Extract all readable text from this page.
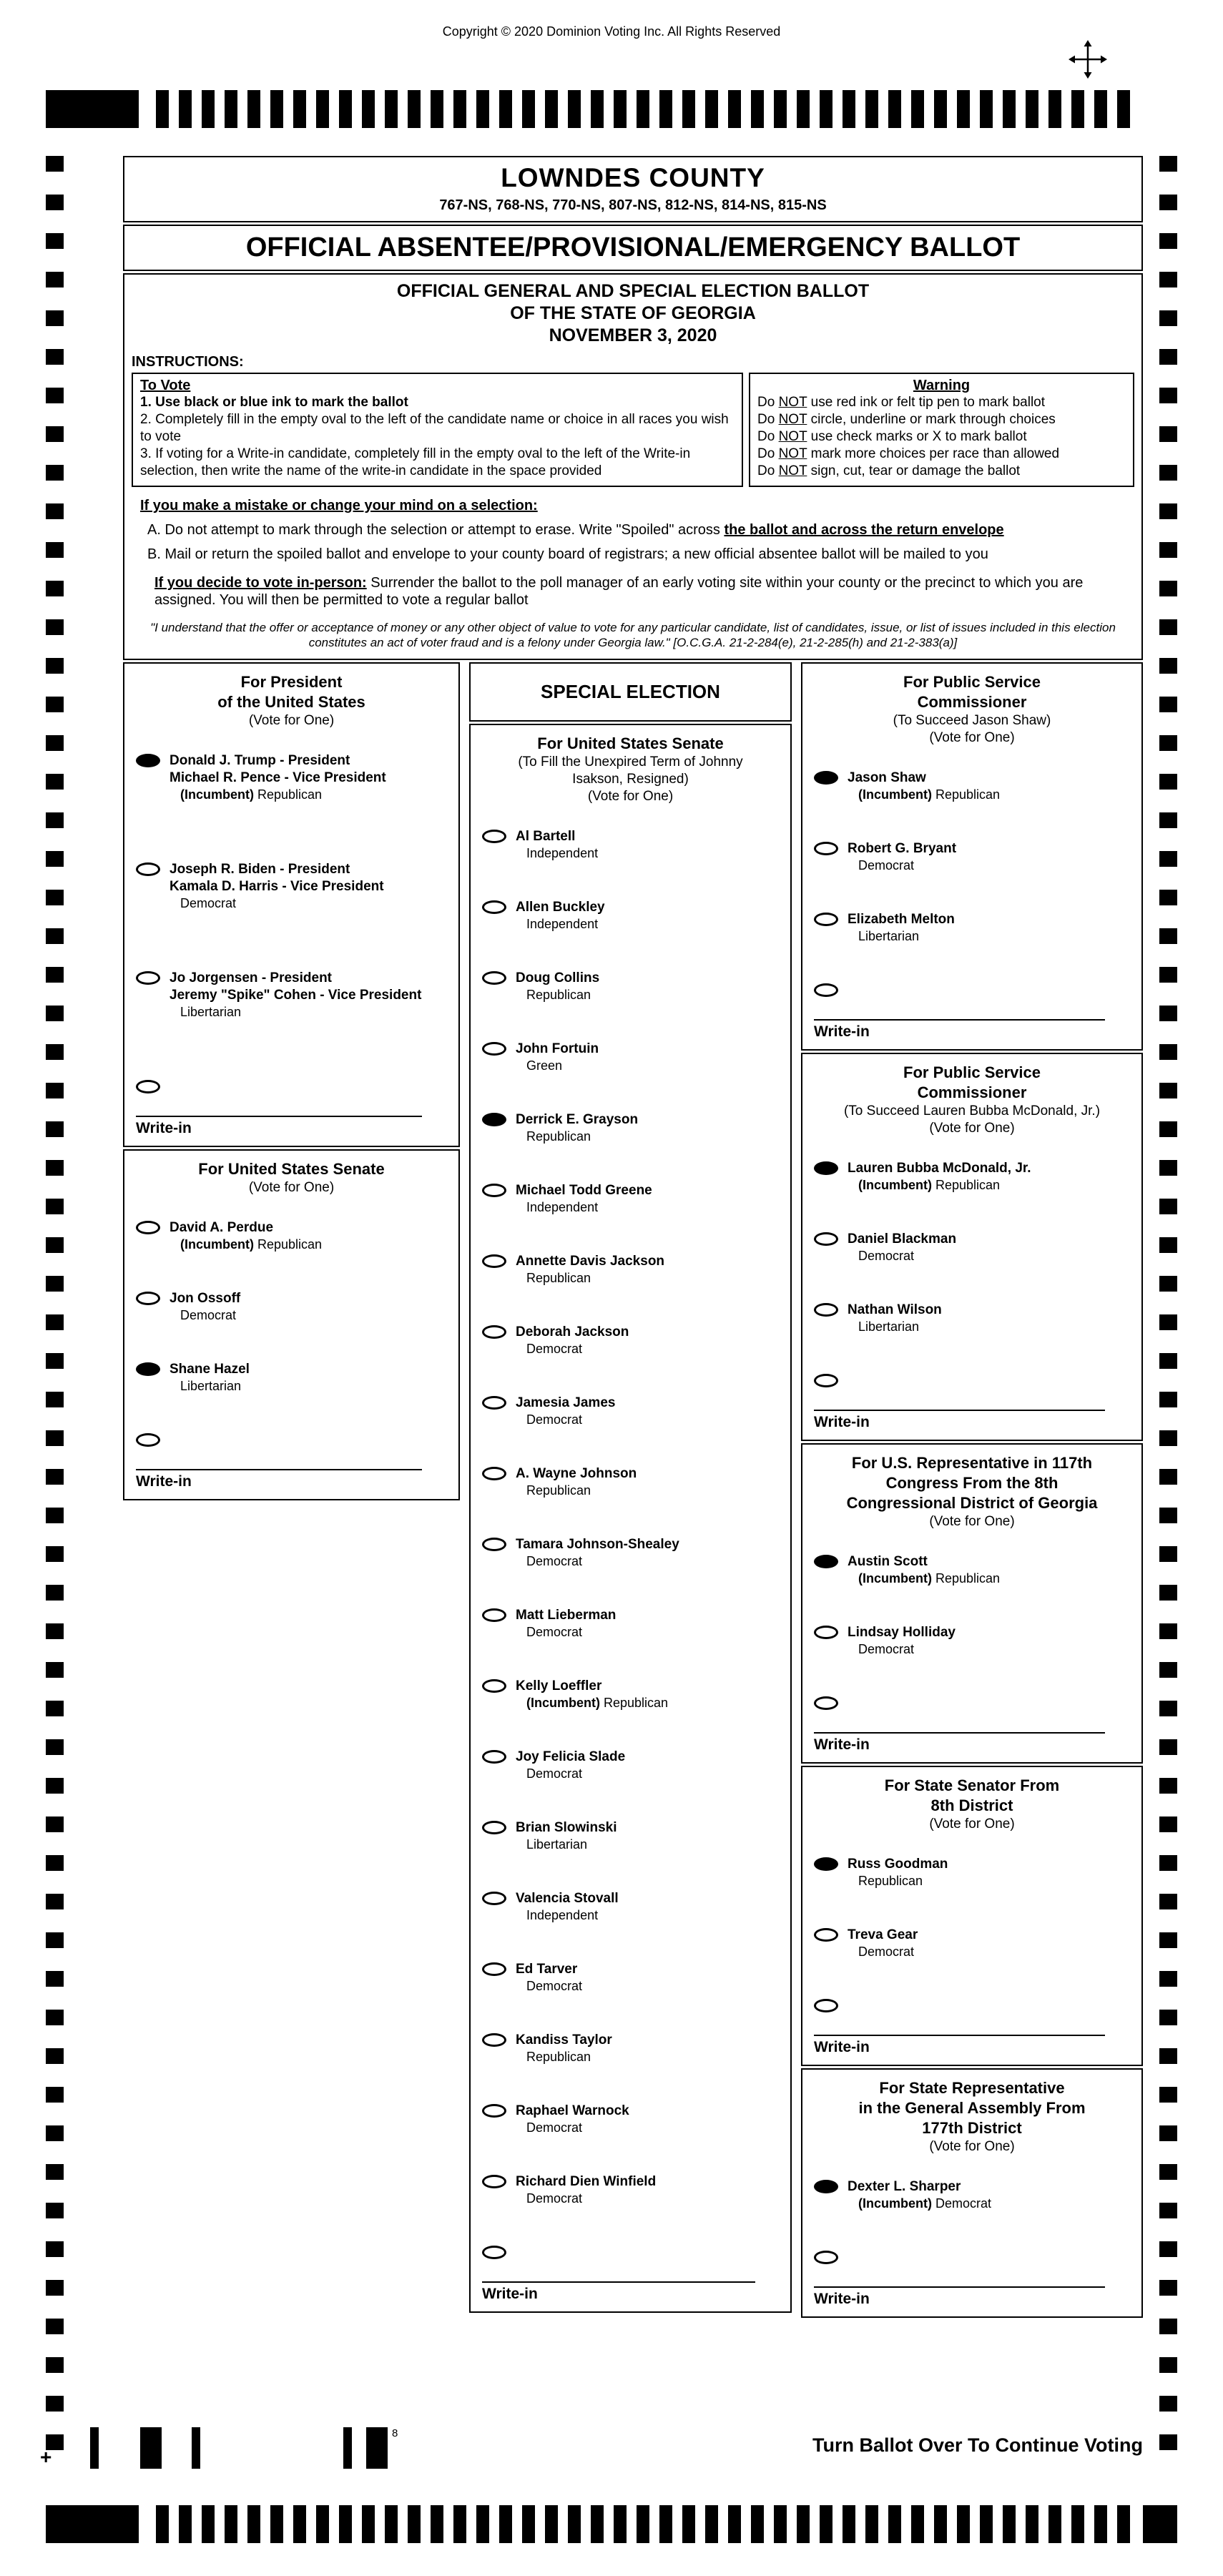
Copyright © 2020 Dominion Voting Inc. All Rights Reserved
LOWNDES COUNTY
767-NS, 768-NS, 770-NS, 807-NS, 812-NS, 814-NS, 815-NS
OFFICIAL ABSENTEE/PROVISIONAL/EMERGENCY BALLOT
OFFICIAL GENERAL AND SPECIAL ELECTION BALLOT
OF THE STATE OF GEORGIA
NOVEMBER 3, 2020
INSTRUCTIONS:
To Vote
1. Use black or blue ink to mark the ballot
2. Completely fill in the empty oval to the left of the candidate name or choice in all races you wish to vote
3. If voting for a Write-in candidate, completely fill in the empty oval to the left of the Write-in selection, then write the name of the write-in candidate in the space provided
Warning
Do NOT use red ink or felt tip pen to mark ballot
Do NOT circle, underline or mark through choices
Do NOT use check marks or X to mark ballot
Do NOT mark more choices per race than allowed
Do NOT sign, cut, tear or damage the ballot
If you make a mistake or change your mind on a selection:
A. Do not attempt to mark through the selection or attempt to erase. Write "Spoiled" across the ballot and across the return envelope
B. Mail or return the spoiled ballot and envelope to your county board of registrars; a new official absentee ballot will be mailed to you
If you decide to vote in-person: Surrender the ballot to the poll manager of an early voting site within your county or the precinct to which you are assigned. You will then be permitted to vote a regular ballot
"I understand that the offer or acceptance of money or any other object of value to vote for any particular candidate, list of candidates, issue, or list of issues included in this election constitutes an act of voter fraud and is a felony under Georgia law." [O.C.G.A. 21-2-284(e), 21-2-285(h) and 21-2-383(a)]
For President
of the United States
(Vote for One)
Donald J. Trump - President
Michael R. Pence - Vice President
(Incumbent) Republican
Joseph R. Biden - President
Kamala D. Harris - Vice President
Democrat
Jo Jorgensen - President
Jeremy "Spike" Cohen - Vice President
Libertarian
Write-in
For United States Senate
(Vote for One)
David A. Perdue
(Incumbent) Republican
Jon Ossoff
Democrat
Shane Hazel
Libertarian
Write-in
SPECIAL ELECTION
For United States Senate
(To Fill the Unexpired Term of Johnny
Isakson, Resigned)
(Vote for One)
Al Bartell
Independent
Allen Buckley
Independent
Doug Collins
Republican
John Fortuin
Green
Derrick E. Grayson
Republican
Michael Todd Greene
Independent
Annette Davis Jackson
Republican
Deborah Jackson
Democrat
Jamesia James
Democrat
A. Wayne Johnson
Republican
Tamara Johnson-Shealey
Democrat
Matt Lieberman
Democrat
Kelly Loeffler
(Incumbent) Republican
Joy Felicia Slade
Democrat
Brian Slowinski
Libertarian
Valencia Stovall
Independent
Ed Tarver
Democrat
Kandiss Taylor
Republican
Raphael Warnock
Democrat
Richard Dien Winfield
Democrat
Write-in
For Public Service
Commissioner
(To Succeed Jason Shaw)
(Vote for One)
Jason Shaw
(Incumbent) Republican
Robert G. Bryant
Democrat
Elizabeth Melton
Libertarian
Write-in
For Public Service
Commissioner
(To Succeed Lauren Bubba McDonald, Jr.)
(Vote for One)
Lauren Bubba McDonald, Jr.
(Incumbent) Republican
Daniel Blackman
Democrat
Nathan Wilson
Libertarian
Write-in
For U.S. Representative in 117th
Congress From the 8th
Congressional District of Georgia
(Vote for One)
Austin Scott
(Incumbent) Republican
Lindsay Holliday
Democrat
Write-in
For State Senator From
8th District
(Vote for One)
Russ Goodman
Republican
Treva Gear
Democrat
Write-in
For State Representative
in the General Assembly From
177th District
(Vote for One)
Dexter L. Sharper
(Incumbent) Democrat
Write-in
Turn Ballot Over To Continue Voting
+
8
